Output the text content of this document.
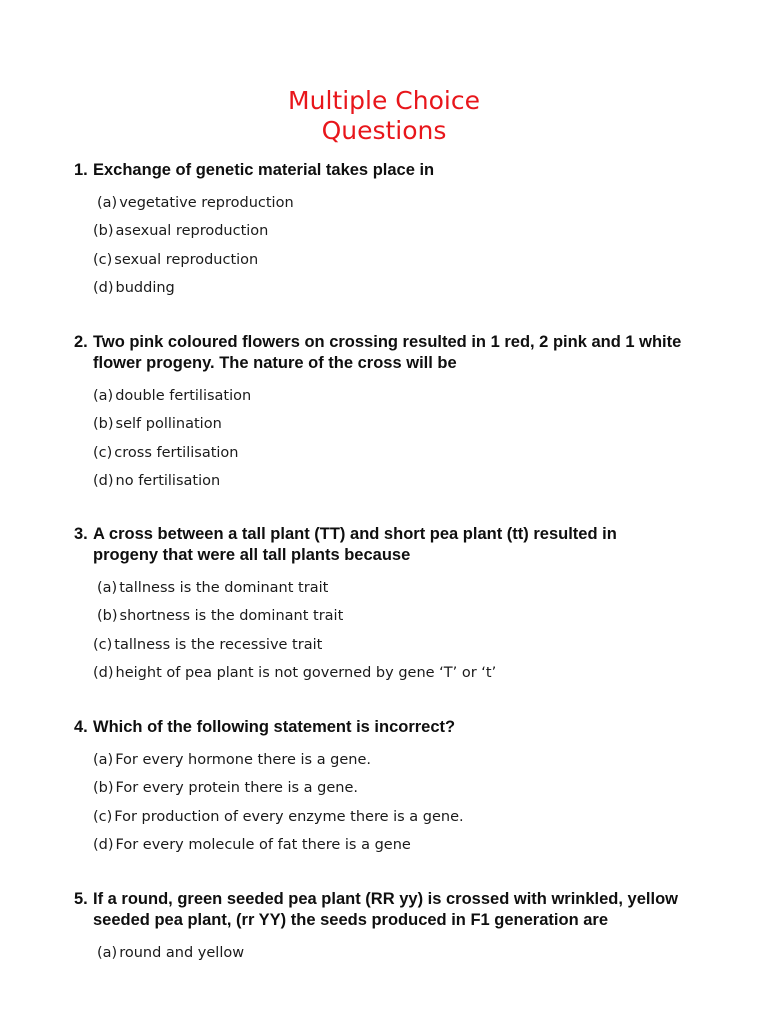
Multiple Choice
Questions
1. Exchange of genetic material takes place in
(a) vegetative reproduction
(b) asexual reproduction
(c) sexual reproduction
(d) budding
2. Two pink coloured flowers on crossing resulted in 1 red, 2 pink and 1 white flower progeny. The nature of the cross will be
(a) double fertilisation
(b) self pollination
(c) cross fertilisation
(d) no fertilisation
3. A cross between a tall plant (TT) and short pea plant (tt) resulted in progeny that were all tall plants because
(a) tallness is the dominant trait
(b) shortness is the dominant trait
(c) tallness is the recessive trait
(d) height of pea plant is not governed by gene ‘T’ or ‘t’
4. Which of the following statement is incorrect?
(a) For every hormone there is a gene.
(b) For every protein there is a gene.
(c) For production of every enzyme there is a gene.
(d) For every molecule of fat there is a gene
5. If a round, green seeded pea plant (RR yy) is crossed with wrinkled, yellow seeded pea plant, (rr YY) the seeds produced in F1 generation are
(a) round and yellow
